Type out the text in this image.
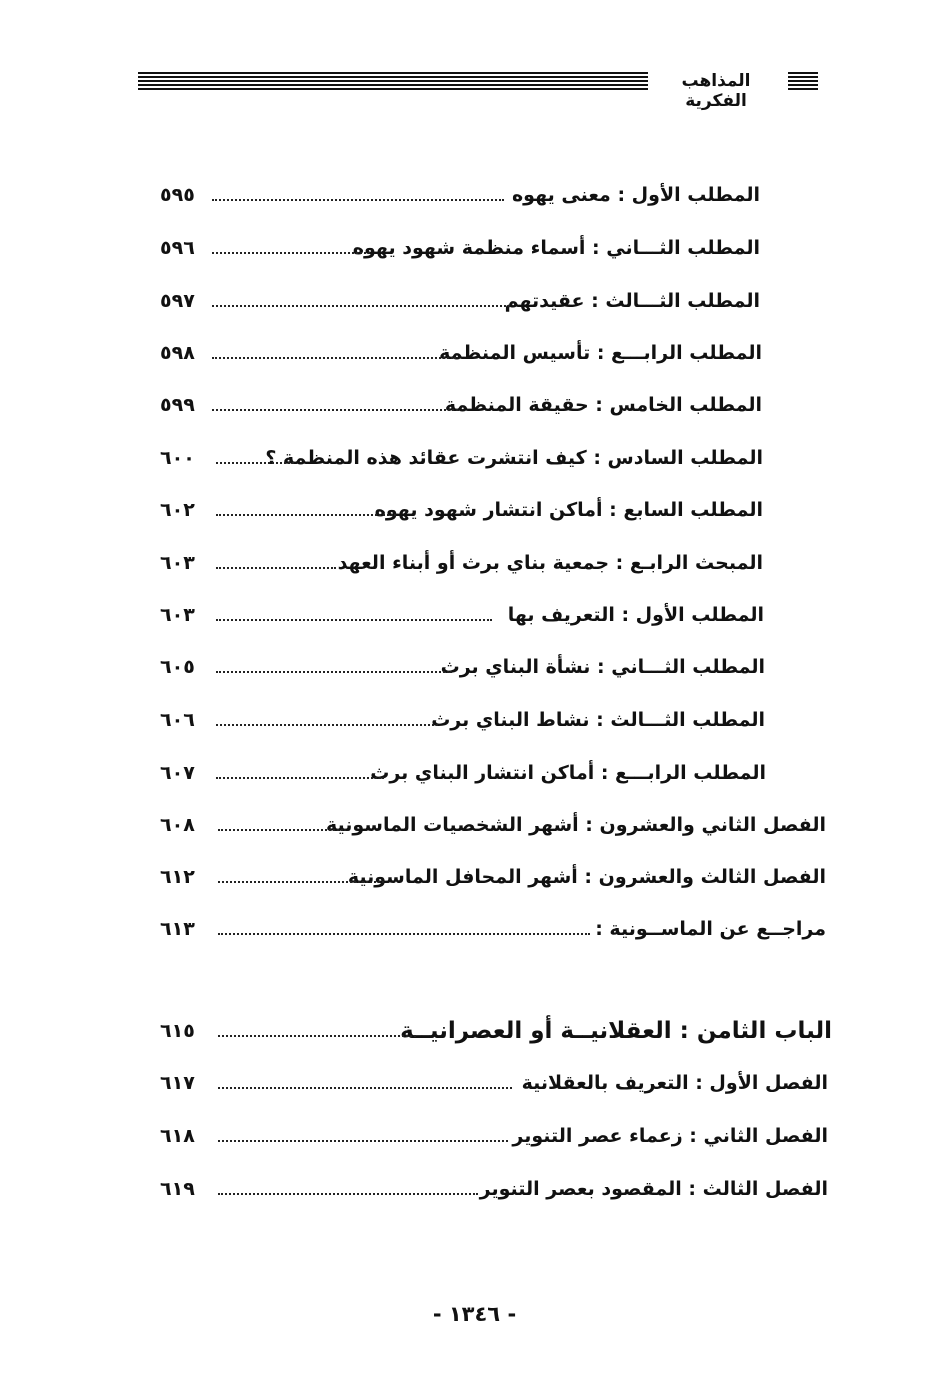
المذاهب الفكرية
المطلب الأول : معنى يهوه
٥٩٥
المطلب الثـــاني : أسماء منظمة شهود يهوه
٥٩٦
المطلب الثـــالث : عقيدتهم
٥٩٧
المطلب الرابـــع : تأسيس المنظمة
٥٩٨
المطلب الخامس : حقيقة المنظمة
٥٩٩
المطلب السادس : كيف انتشرت عقائد هذه المنظمة ؟
٦٠٠
المطلب السابع : أماكن انتشار شهود يهوه
٦٠٢
المبحث الرابـع : جمعية بناي برث أو أبناء العهد
٦٠٣
المطلب الأول : التعريف بها
٦٠٣
المطلب الثـــاني : نشأة البناي برث
٦٠٥
المطلب الثـــالث : نشاط البناي برث
٦٠٦
المطلب الرابـــع : أماكن انتشار البناي برث
٦٠٧
الفصل الثاني والعشرون : أشهر الشخصيات الماسونية
٦٠٨
الفصل الثالث والعشرون : أشهر المحافل الماسونية
٦١٢
مراجــع عن الماســونية :
٦١٣
الباب الثامن : العقلانيــة أو العصرانيــة
٦١٥
الفصل الأول : التعريف بالعقلانية
٦١٧
الفصل الثاني : زعماء عصر التنوير
٦١٨
الفصل الثالث : المقصود بعصر التنوير
٦١٩
- ١٣٤٦ -
